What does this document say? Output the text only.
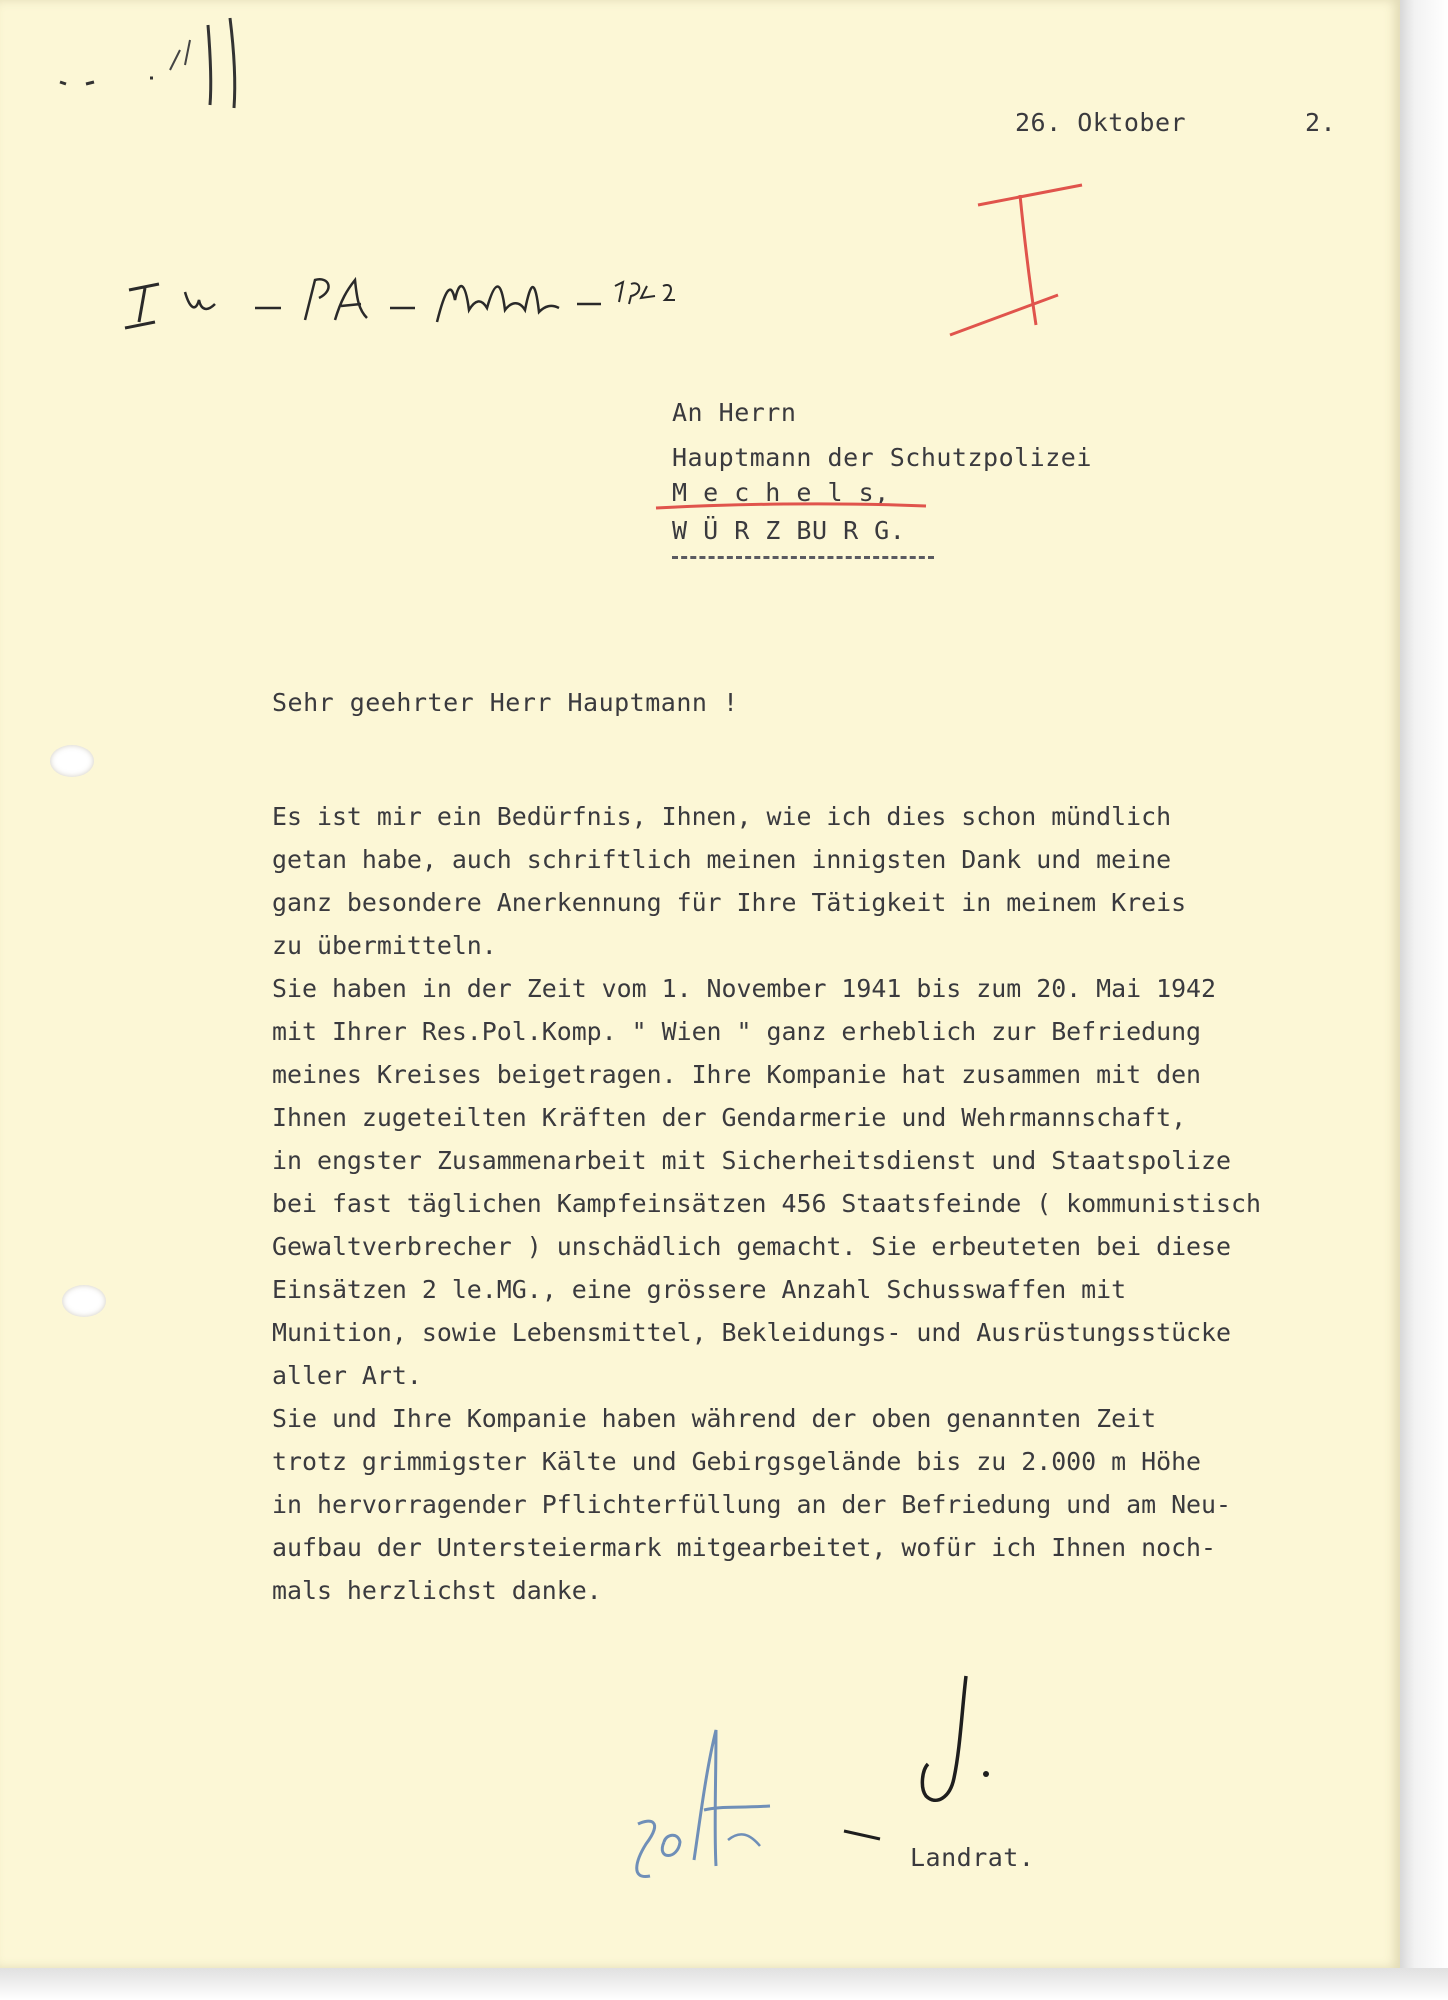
26. Oktober	2.
An Herrn
Hauptmann der Schutzpolizei
M e c h e l s,
W Ü R Z BU R G.
Sehr geehrter Herr Hauptmann !
Es ist mir ein Bedürfnis, Ihnen, wie ich dies schon mündlich
getan habe, auch schriftlich meinen innigsten Dank und meine
ganz besondere Anerkennung für Ihre Tätigkeit in meinem Kreis
zu übermitteln.
Sie haben in der Zeit vom 1. November 1941 bis zum 20. Mai 1942
mit Ihrer Res.Pol.Komp. " Wien " ganz erheblich zur Befriedung
meines Kreises beigetragen. Ihre Kompanie hat zusammen mit den
Ihnen zugeteilten Kräften der Gendarmerie und Wehrmannschaft,
in engster Zusammenarbeit mit Sicherheitsdienst und Staatspolize
bei fast täglichen Kampfeinsätzen 456 Staatsfeinde ( kommunistisch
Gewaltverbrecher ) unschädlich gemacht. Sie erbeuteten bei diese
Einsätzen 2 le.MG., eine grössere Anzahl Schusswaffen mit
Munition, sowie Lebensmittel, Bekleidungs- und Ausrüstungsstücke
aller Art.
Sie und Ihre Kompanie haben während der oben genannten Zeit
trotz grimmigster Kälte und Gebirgsgelände bis zu 2.000 m Höhe
in hervorragender Pflichterfüllung an der Befriedung und am Neu-
aufbau der Untersteiermark mitgearbeitet, wofür ich Ihnen noch-
mals herzlichst danke.
Landrat.
